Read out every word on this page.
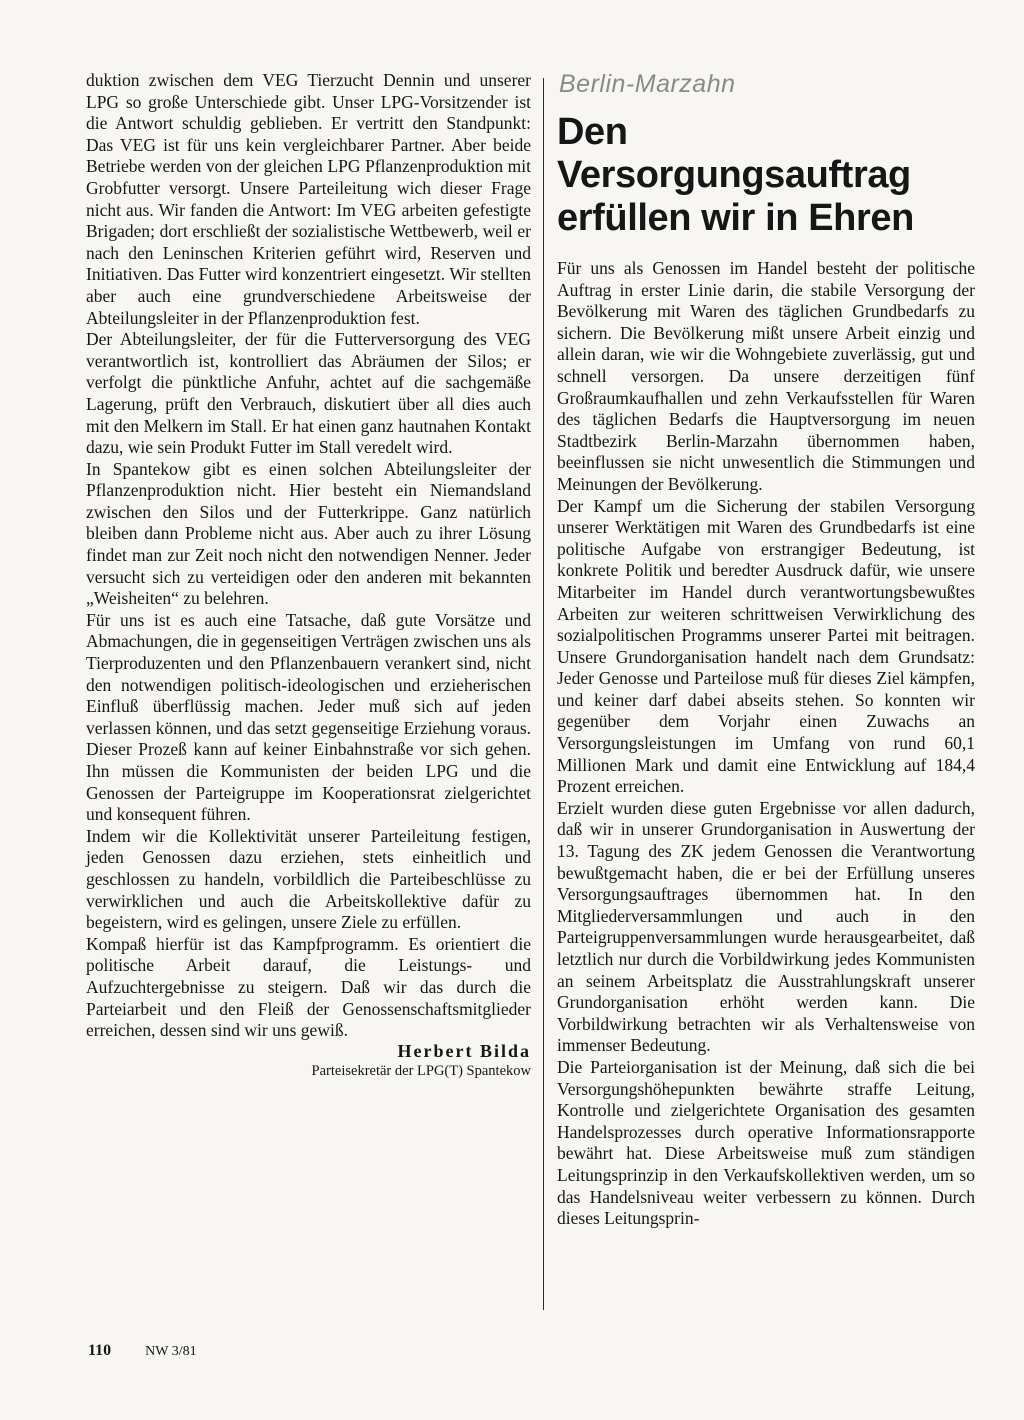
duktion zwischen dem VEG Tierzucht Dennin und unserer LPG so große Unterschiede gibt. Unser LPG-Vorsitzender ist die Antwort schuldig geblieben. Er vertritt den Standpunkt: Das VEG ist für uns kein vergleichbarer Partner. Aber beide Betriebe werden von der gleichen LPG Pflanzenproduktion mit Grobfutter versorgt. Unsere Parteileitung wich dieser Frage nicht aus. Wir fanden die Antwort: Im VEG arbeiten gefestigte Brigaden; dort erschließt der sozialistische Wettbewerb, weil er nach den Leninschen Kriterien geführt wird, Reserven und Initiativen. Das Futter wird konzentriert eingesetzt. Wir stellten aber auch eine grundverschiedene Arbeitsweise der Abteilungsleiter in der Pflanzenproduktion fest.

Der Abteilungsleiter, der für die Futterversorgung des VEG verantwortlich ist, kontrolliert das Abräumen der Silos; er verfolgt die pünktliche Anfuhr, achtet auf die sachgemäße Lagerung, prüft den Verbrauch, diskutiert über all dies auch mit den Melkern im Stall. Er hat einen ganz hautnahen Kontakt dazu, wie sein Produkt Futter im Stall veredelt wird.

In Spantekow gibt es einen solchen Abteilungsleiter der Pflanzenproduktion nicht. Hier besteht ein Niemandsland zwischen den Silos und der Futterkrippe. Ganz natürlich bleiben dann Probleme nicht aus. Aber auch zu ihrer Lösung findet man zur Zeit noch nicht den notwendigen Nenner. Jeder versucht sich zu verteidigen oder den anderen mit bekannten „Weisheiten“ zu belehren.

Für uns ist es auch eine Tatsache, daß gute Vorsätze und Abmachungen, die in gegenseitigen Verträgen zwischen uns als Tierproduzenten und den Pflanzenbauern verankert sind, nicht den notwendigen politisch-ideologischen und erzieherischen Einfluß überflüssig machen. Jeder muß sich auf jeden verlassen können, und das setzt gegenseitige Erziehung voraus. Dieser Prozeß kann auf keiner Einbahnstraße vor sich gehen. Ihn müssen die Kommunisten der beiden LPG und die Genossen der Parteigruppe im Kooperationsrat zielgerichtet und konsequent führen.

Indem wir die Kollektivität unserer Parteileitung festigen, jeden Genossen dazu erziehen, stets einheitlich und geschlossen zu handeln, vorbildlich die Parteibeschlüsse zu verwirklichen und auch die Arbeitskollektive dafür zu begeistern, wird es gelingen, unsere Ziele zu erfüllen.

Kompaß hierfür ist das Kampfprogramm. Es orientiert die politische Arbeit darauf, die Leistungs- und Aufzuchtergebnisse zu steigern. Daß wir das durch die Parteiarbeit und den Fleiß der Genossenschaftsmitglieder erreichen, dessen sind wir uns gewiß.

Herbert Bilda
Parteisekretär der LPG(T) Spantekow
Berlin-Marzahn
Den Versorgungsauftrag
erfüllen wir in Ehren

Für uns als Genossen im Handel besteht der politische Auftrag in erster Linie darin, die stabile Versorgung der Bevölkerung mit Waren des täglichen Grundbedarfs zu sichern. Die Bevölkerung mißt unsere Arbeit einzig und allein daran, wie wir die Wohngebiete zuverlässig, gut und schnell versorgen. Da unsere derzeitigen fünf Großraumkaufhallen und zehn Verkaufsstellen für Waren des täglichen Bedarfs die Hauptversorgung im neuen Stadtbezirk Berlin-Marzahn übernommen haben, beeinflussen sie nicht unwesentlich die Stimmungen und Meinungen der Bevölkerung.

Der Kampf um die Sicherung der stabilen Versorgung unserer Werktätigen mit Waren des Grundbedarfs ist eine politische Aufgabe von erstrangiger Bedeutung, ist konkrete Politik und beredter Ausdruck dafür, wie unsere Mitarbeiter im Handel durch verantwortungsbewußtes Arbeiten zur weiteren schrittweisen Verwirklichung des sozialpolitischen Programms unserer Partei mit beitragen. Unsere Grundorganisation handelt nach dem Grundsatz: Jeder Genosse und Parteilose muß für dieses Ziel kämpfen, und keiner darf dabei abseits stehen. So konnten wir gegenüber dem Vorjahr einen Zuwachs an Versorgungsleistungen im Umfang von rund 60,1 Millionen Mark und damit eine Entwicklung auf 184,4 Prozent erreichen.

Erzielt wurden diese guten Ergebnisse vor allen dadurch, daß wir in unserer Grundorganisation in Auswertung der 13. Tagung des ZK jedem Genossen die Verantwortung bewußtgemacht haben, die er bei der Erfüllung unseres Versorgungsauftrages übernommen hat. In den Mitgliederversammlungen und auch in den Parteigruppenversammlungen wurde herausgearbeitet, daß letztlich nur durch die Vorbildwirkung jedes Kommunisten an seinem Arbeitsplatz die Ausstrahlungskraft unserer Grundorganisation erhöht werden kann. Die Vorbildwirkung betrachten wir als Verhaltensweise von immenser Bedeutung.

Die Parteiorganisation ist der Meinung, daß sich die bei Versorgungshöhepunkten bewährte straffe Leitung, Kontrolle und zielgerichtete Organisation des gesamten Handelsprozesses durch operative Informationsrapporte bewährt hat. Diese Arbeitsweise muß zum ständigen Leitungsprinzip in den Verkaufskollektiven werden, um so das Handelsniveau weiter verbessern zu können. Durch dieses Leitungsprin-

110 NW 3/81
